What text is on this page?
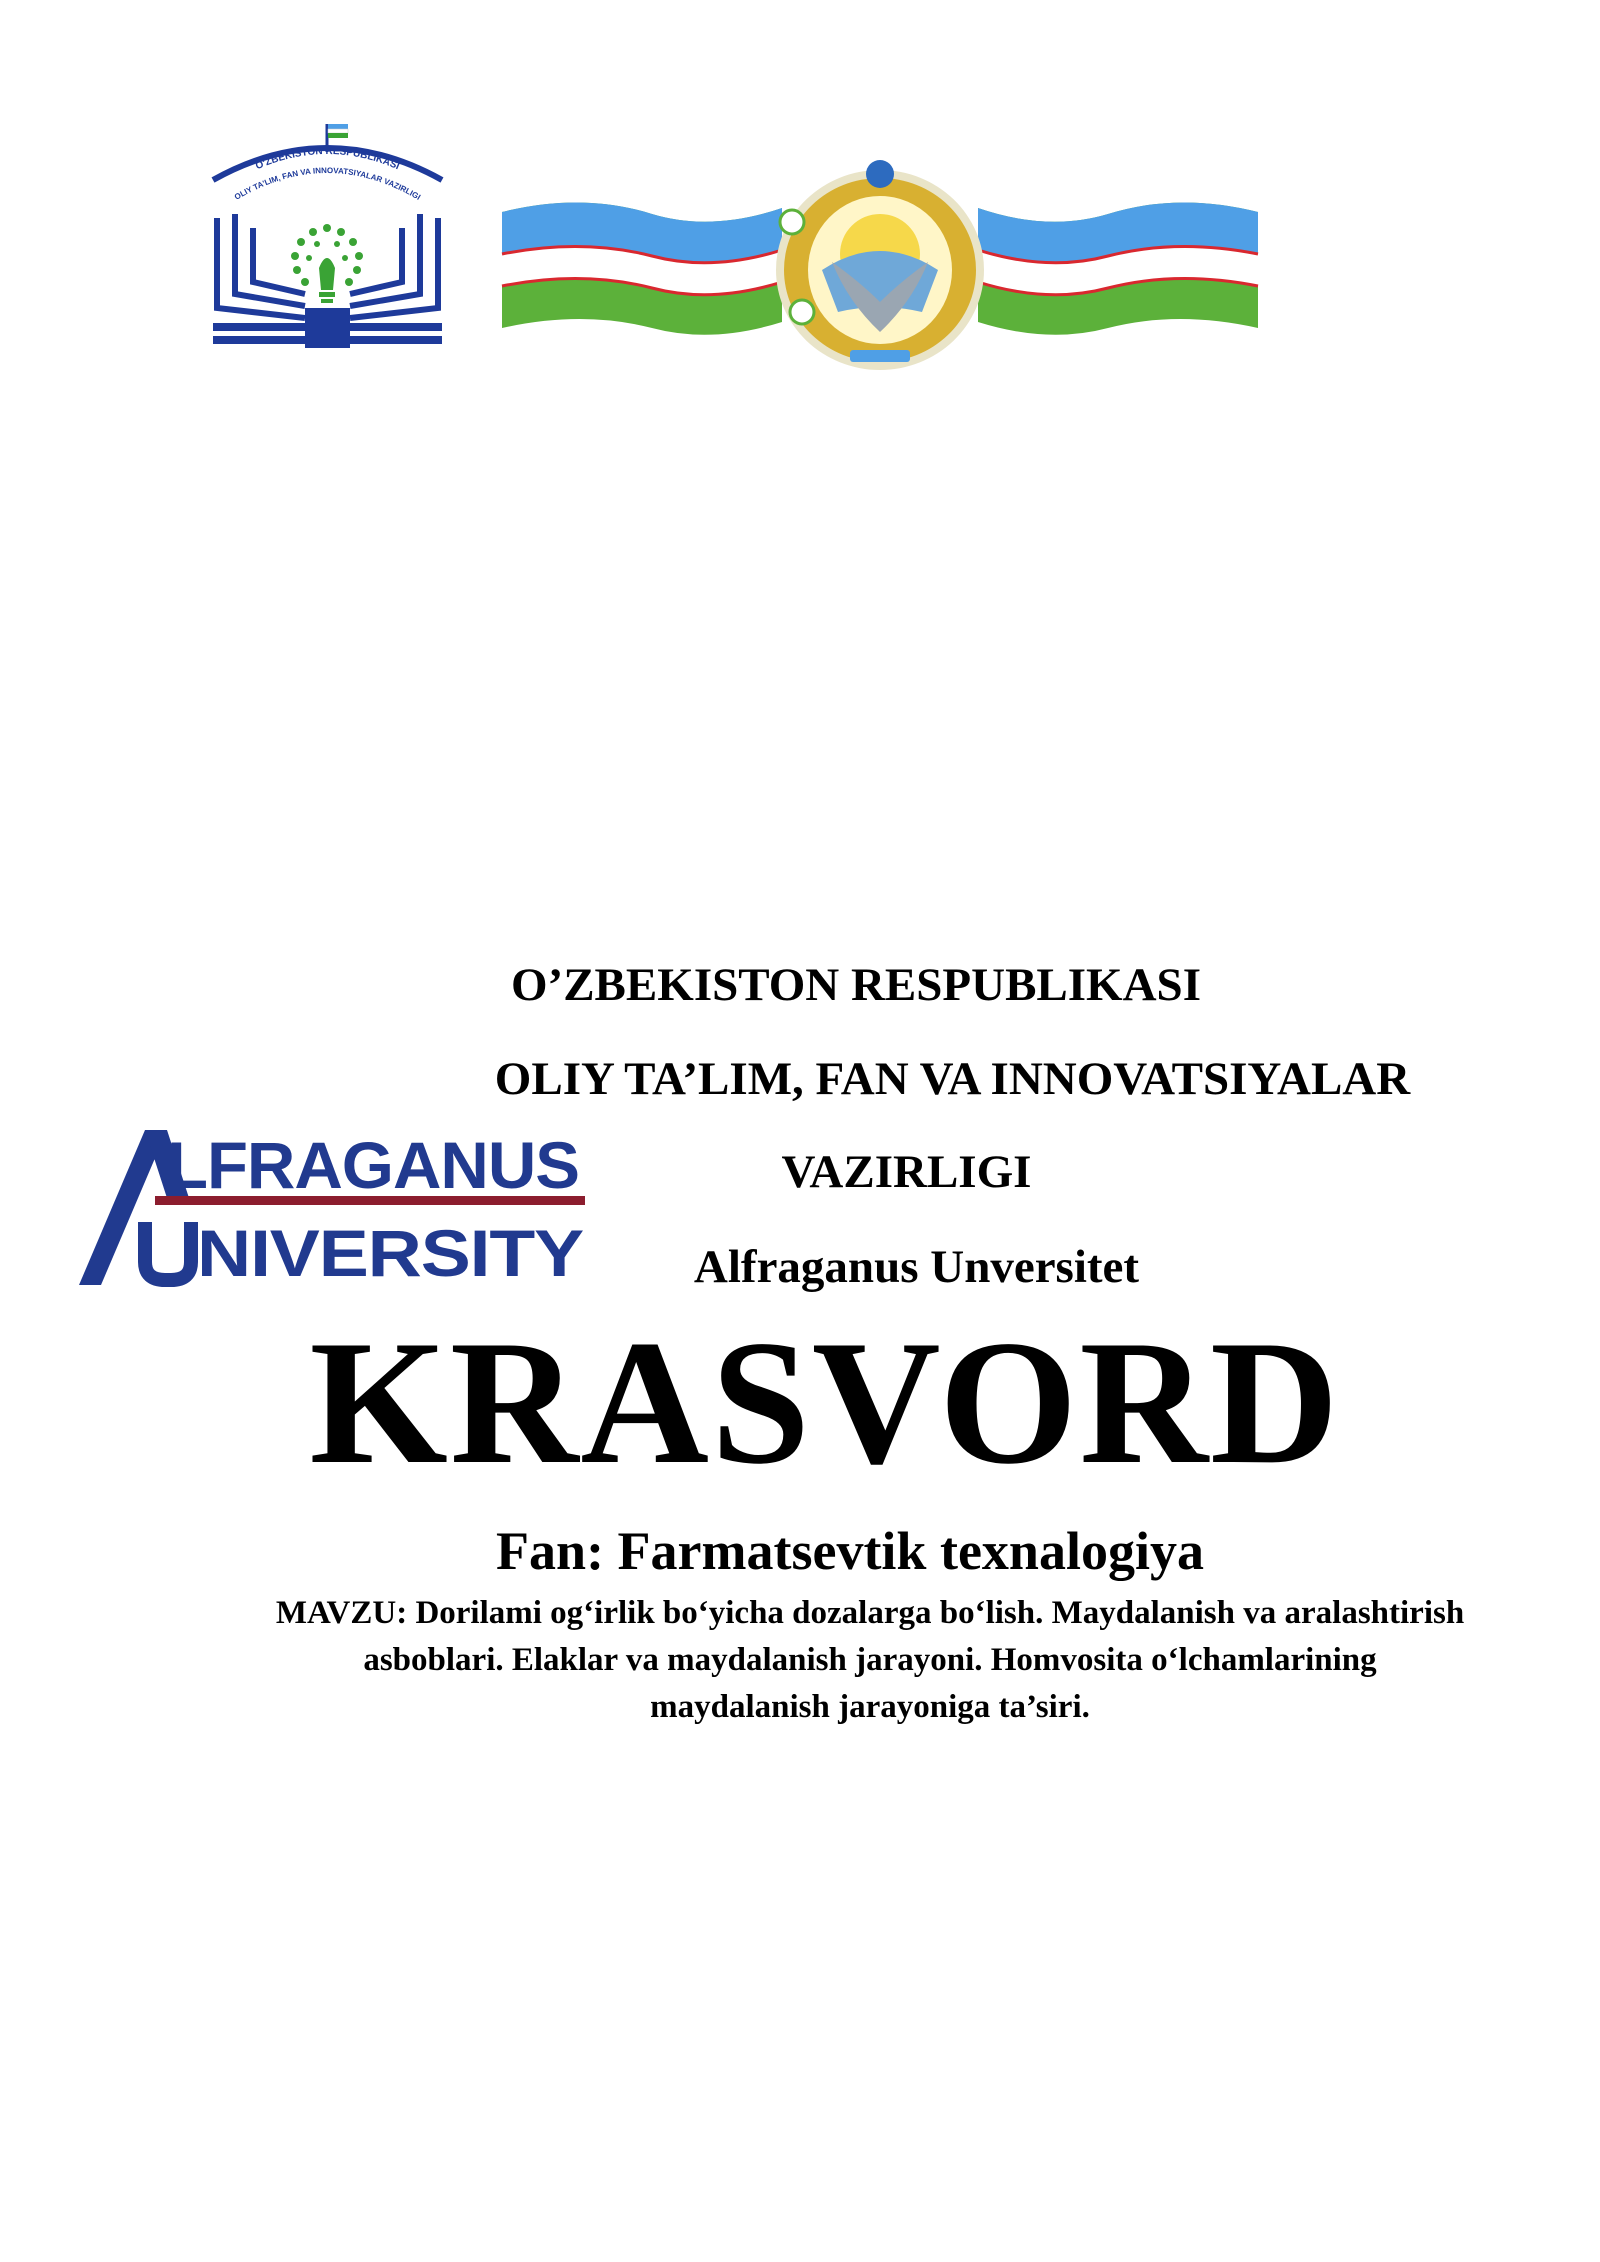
O'ZBEKISTON RESPUBLIKASI
OLIY TA'LIM, FAN VA INNOVATSIYALAR VAZIRLIGI
LFRAGANUS
NIVERSITY
O’ZBEKISTON RESPUBLIKASI
OLIY TA’LIM, FAN VA INNOVATSIYALAR
VAZIRLIGI
Alfraganus Unversitet
KRASVORD
Fan: Farmatsevtik texnalogiya
MAVZU: Dorilami og‘irlik bo‘yicha dozalarga bo‘lish. Maydalanish va aralashtirish asboblari. Elaklar va maydalanish jarayoni. Homvosita o‘lchamlarining maydalanish jarayoniga ta’siri.
